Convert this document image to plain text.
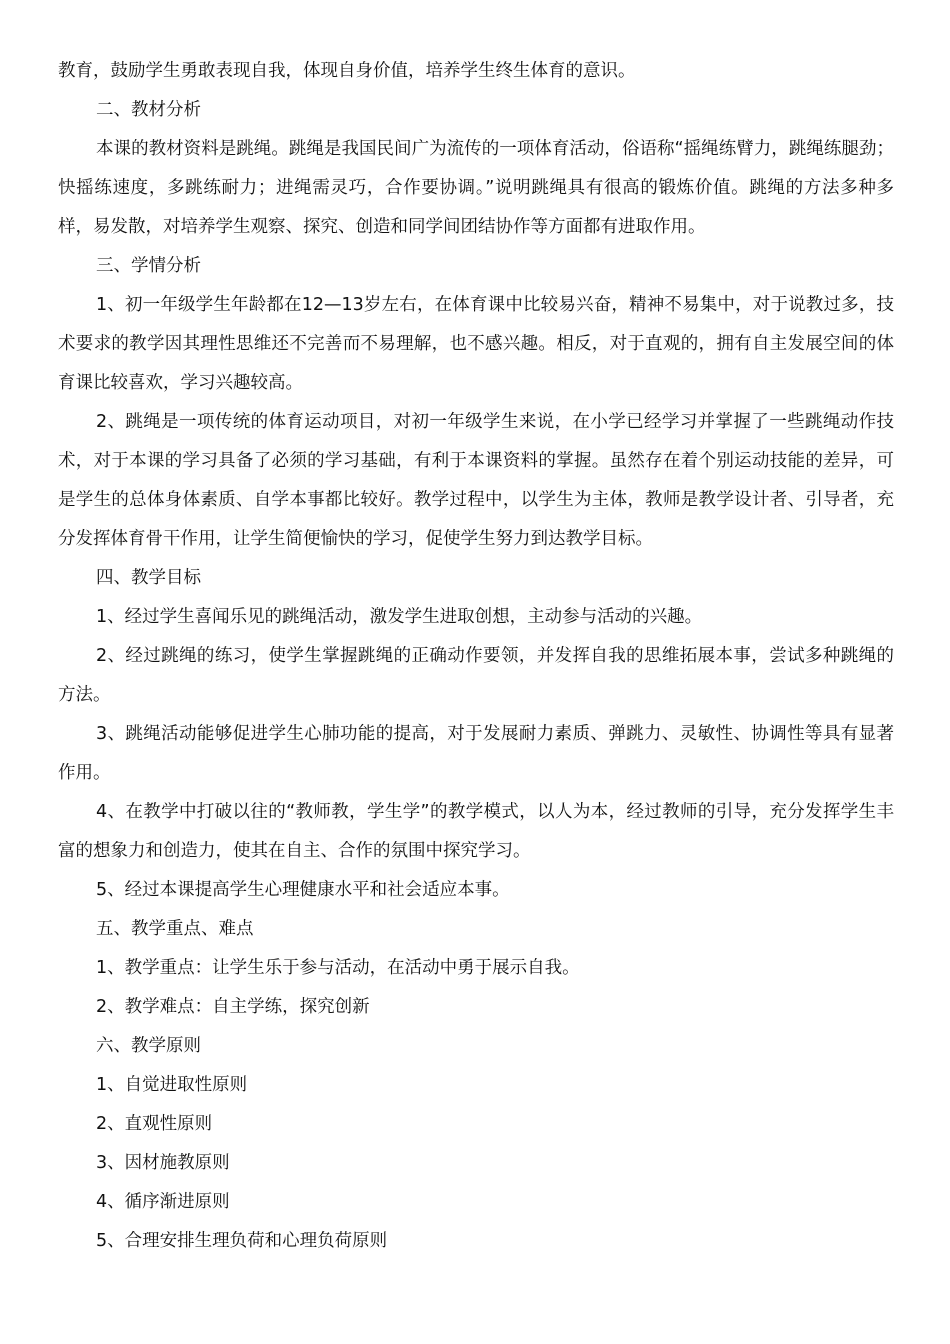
教育，鼓励学生勇敢表现自我，体现自身价值，培养学生终生体育的意识。

二、教材分析

本课的教材资料是跳绳。跳绳是我国民间广为流传的一项体育活动，俗语称“摇绳练臂力，跳绳练腿劲；快摇练速度，多跳练耐力；进绳需灵巧，合作要协调。”说明跳绳具有很高的锻炼价值。跳绳的方法多种多样，易发散，对培养学生观察、探究、创造和同学间团结协作等方面都有进取作用。

三、学情分析

1、初一年级学生年龄都在12—13岁左右，在体育课中比较易兴奋，精神不易集中，对于说教过多，技术要求的教学因其理性思维还不完善而不易理解，也不感兴趣。相反，对于直观的，拥有自主发展空间的体育课比较喜欢，学习兴趣较高。

2、跳绳是一项传统的体育运动项目，对初一年级学生来说，在小学已经学习并掌握了一些跳绳动作技术，对于本课的学习具备了必须的学习基础，有利于本课资料的掌握。虽然存在着个别运动技能的差异，可是学生的总体身体素质、自学本事都比较好。教学过程中，以学生为主体，教师是教学设计者、引导者，充分发挥体育骨干作用，让学生简便愉快的学习，促使学生努力到达教学目标。

四、教学目标

1、经过学生喜闻乐见的跳绳活动，激发学生进取创想，主动参与活动的兴趣。

2、经过跳绳的练习，使学生掌握跳绳的正确动作要领，并发挥自我的思维拓展本事，尝试多种跳绳的方法。

3、跳绳活动能够促进学生心肺功能的提高，对于发展耐力素质、弹跳力、灵敏性、协调性等具有显著作用。

4、在教学中打破以往的“教师教，学生学”的教学模式，以人为本，经过教师的引导，充分发挥学生丰富的想象力和创造力，使其在自主、合作的氛围中探究学习。

5、经过本课提高学生心理健康水平和社会适应本事。

五、教学重点、难点

1、教学重点：让学生乐于参与活动，在活动中勇于展示自我。

2、教学难点：自主学练，探究创新

六、教学原则

1、自觉进取性原则

2、直观性原则

3、因材施教原则

4、循序渐进原则

5、合理安排生理负荷和心理负荷原则
